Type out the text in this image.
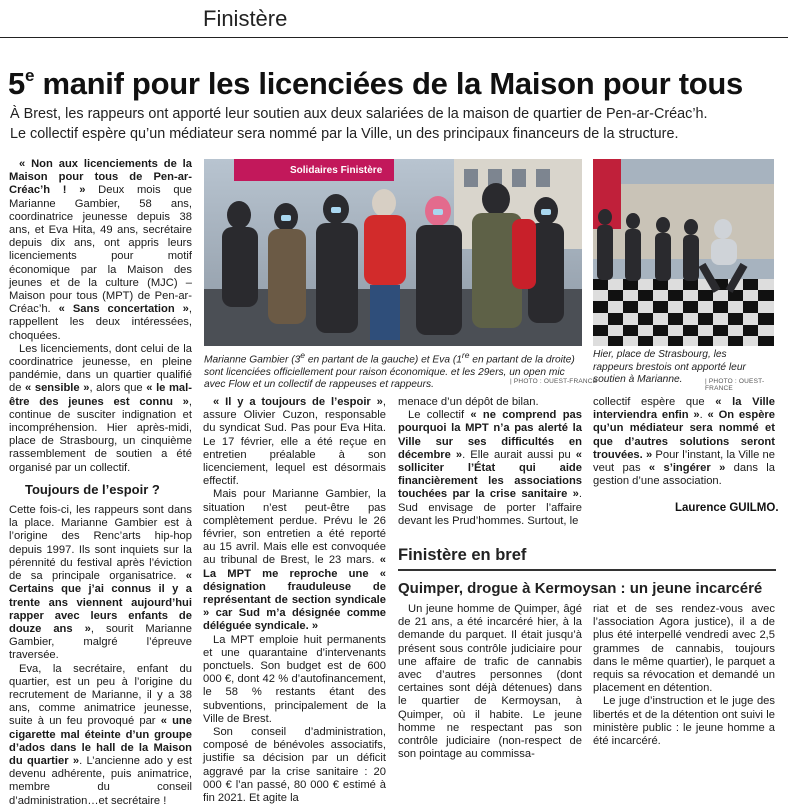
Finistère
5e manif pour les licenciées de la Maison pour tous
À Brest, les rappeurs ont apporté leur soutien aux deux salariées de la maison de quartier de Pen-ar-Créac’h.
Le collectif espère qu’un médiateur sera nommé par la Ville, un des principaux financeurs de la structure.

« Non aux licenciements de la Maison pour tous de Pen-ar-Créac’h ! » Deux mois que Marianne Gambier, 58 ans, coordinatrice jeunesse depuis 38 ans, et Eva Hita, 49 ans, secrétaire depuis dix ans, ont appris leurs licenciements pour motif économique par la Maison des jeunes et de la culture (MJC) – Maison pour tous (MPT) de Pen-ar-Créac’h. « Sans concertation », rappellent les deux intéressées, choquées.

Les licenciements, dont celui de la coordinatrice jeunesse, en pleine pandémie, dans un quartier qualifié de « sensible », alors que « le mal-être des jeunes est connu », continue de susciter indignation et incompréhension. Hier après-midi, place de Strasbourg, un cinquième rassemblement de soutien a été organisé par un collectif.

Toujours de l’espoir ?

Cette fois-ci, les rappeurs sont dans la place. Marianne Gambier est à l’origine des Renc’arts hip-hop depuis 1997. Ils sont inquiets sur la pérennité du festival après l’éviction de sa principale organisatrice. « Certains que j’ai connus il y a trente ans viennent aujourd’hui rapper avec leurs enfants de douze ans », sourit Marianne Gambier, malgré l’épreuve traversée.

Eva, la secrétaire, enfant du quartier, est un peu à l’origine du recrutement de Marianne, il y a 38 ans, comme animatrice jeunesse, suite à un feu provoqué par « une cigarette mal éteinte d’un groupe d’ados dans le hall de la Maison du quartier ». L’ancienne ado y est devenu adhérente, puis animatrice, membre du conseil d’administration…et secrétaire !

Solidaires Finistère
Marianne Gambier (3e en partant de la gauche) et Eva (1re en partant de la droite) sont licenciées officiellement pour raison économique. et les 29ers, un open mic avec Flow et un collectif de rappeuses et rappeurs.	| PHOTO : OUEST-FRANCE
Hier, place de Strasbourg, les rappeurs brestois ont apporté leur soutien à Marianne.	| PHOTO : OUEST-FRANCE

« Il y a toujours de l’espoir », assure Olivier Cuzon, responsable du syndicat Sud. Pas pour Eva Hita. Le 17 février, elle a été reçue en entretien préalable à son licenciement, lequel est désormais effectif.

Mais pour Marianne Gambier, la situation n’est peut-être pas complètement perdue. Prévu le 26 février, son entretien a été reporté au 15 avril. Mais elle est convoquée au tribunal de Brest, le 23 mars. « La MPT me reproche une « désignation frauduleuse de représentant de section syndicale » car Sud m’a désignée comme déléguée syndicale. »

La MPT emploie huit permanents et une quarantaine d’intervenants ponctuels. Son budget est de 600 000 €, dont 42 % d’autofinancement, le 58 % restants étant des subventions, principalement de la Ville de Brest.

Son conseil d’administration, composé de bénévoles associatifs, justifie sa décision par un déficit aggravé par la crise sanitaire : 20 000 € l’an passé, 80 000 € estimé à fin 2021. Et agite la

menace d’un dépôt de bilan.

Le collectif « ne comprend pas pourquoi la MPT n’a pas alerté la Ville sur ses difficultés en décembre ». Elle aurait aussi pu « solliciter l’État qui aide financièrement les associations touchées par la crise sanitaire ». Sud envisage de porter l’affaire devant les Prud’hommes. Surtout, le

collectif espère que « la Ville interviendra enfin ». « On espère qu’un médiateur sera nommé et que d’autres solutions seront trouvées. » Pour l’instant, la Ville ne veut pas « s’ingérer » dans la gestion d’une association.

Laurence GUILMO.
Finistère en bref
Quimper, drogue à Kermoysan : un jeune incarcéré

Un jeune homme de Quimper, âgé de 21 ans, a été incarcéré hier, à la demande du parquet. Il était jusqu’à présent sous contrôle judiciaire pour une affaire de trafic de cannabis avec d’autres personnes (dont certaines sont déjà détenues) dans le quartier de Kermoysan, à Quimper, où il habite. Le jeune homme ne respectant pas son contrôle judiciaire (non-respect de son pointage au commissa-

riat et de ses rendez-vous avec l’association Agora justice), il a de plus été interpellé vendredi avec 2,5 grammes de cannabis, toujours dans le même quartier), le parquet a requis sa révocation et demandé un placement en détention.

Le juge d’instruction et le juge des libertés et de la détention ont suivi le ministère public : le jeune homme a été incarcéré.
